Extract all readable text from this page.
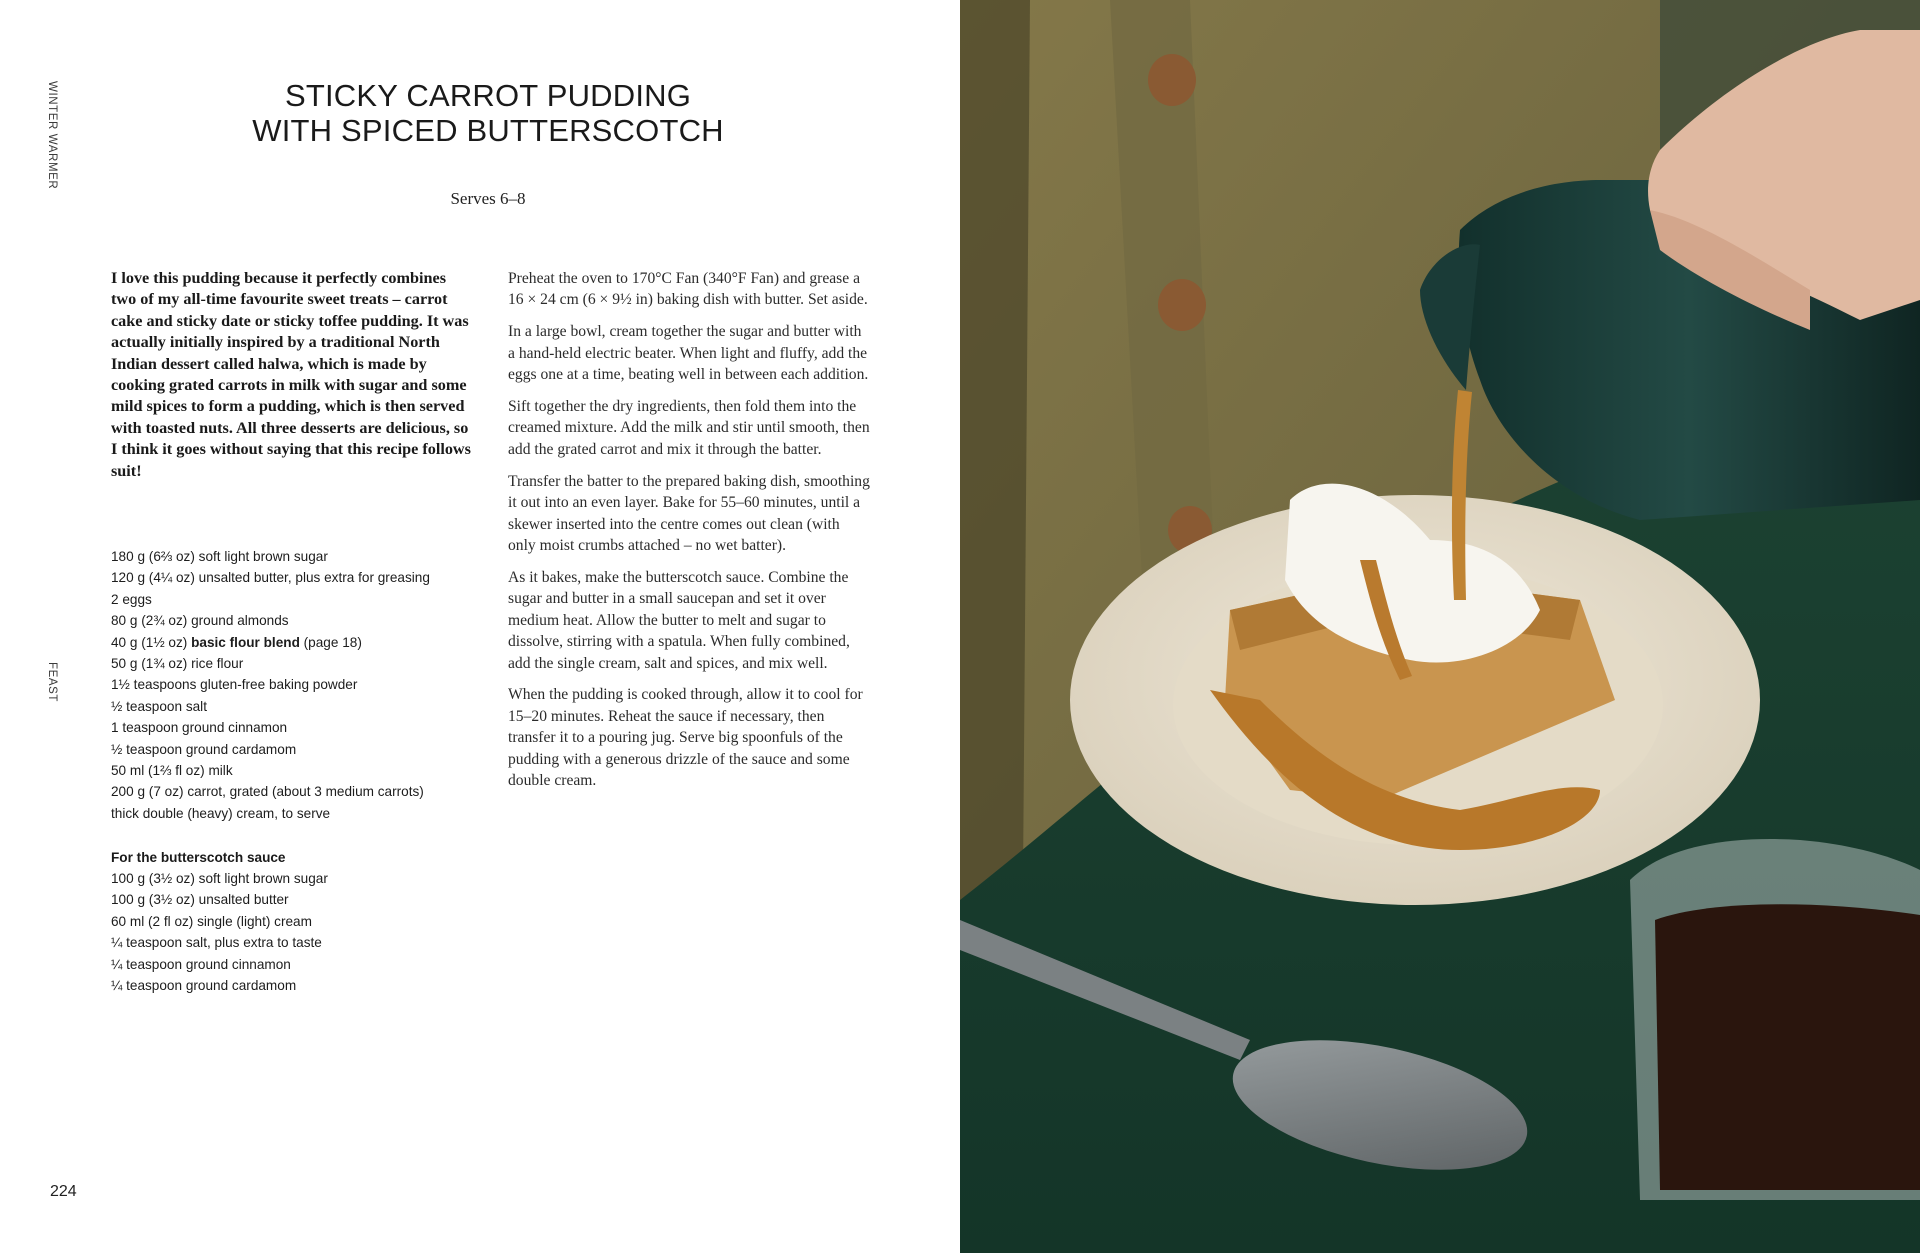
WINTER WARMER
FEAST
STICKY CARROT PUDDING
WITH SPICED BUTTERSCOTCH
Serves 6–8

I love this pudding because it perfectly combines two of my all-time favourite sweet treats – carrot cake and sticky date or sticky toffee pudding. It was actually initially inspired by a traditional North Indian dessert called halwa, which is made by cooking grated carrots in milk with sugar and some mild spices to form a pudding, which is then served with toasted nuts. All three desserts are delicious, so I think it goes without saying that this recipe follows suit!

180 g (6⅔ oz) soft light brown sugar
120 g (4¼ oz) unsalted butter, plus extra for greasing
2 eggs
80 g (2¾ oz) ground almonds
40 g (1½ oz) basic flour blend (page 18)
50 g (1¾ oz) rice flour
1½ teaspoons gluten-free baking powder
½ teaspoon salt
1 teaspoon ground cinnamon
½ teaspoon ground cardamom
50 ml (1⅔ fl oz) milk
200 g (7 oz) carrot, grated (about 3 medium carrots)
thick double (heavy) cream, to serve
For the butterscotch sauce
100 g (3½ oz) soft light brown sugar
100 g (3½ oz) unsalted butter
60 ml (2 fl oz) single (light) cream
¼ teaspoon salt, plus extra to taste
¼ teaspoon ground cinnamon
¼ teaspoon ground cardamom

Preheat the oven to 170°C Fan (340°F Fan) and grease a 16 × 24 cm (6 × 9½ in) baking dish with butter. Set aside.

In a large bowl, cream together the sugar and butter with a hand-held electric beater. When light and fluffy, add the eggs one at a time, beating well in between each addition.

Sift together the dry ingredients, then fold them into the creamed mixture. Add the milk and stir until smooth, then add the grated carrot and mix it through the batter.

Transfer the batter to the prepared baking dish, smoothing it out into an even layer. Bake for 55–60 minutes, until a skewer inserted into the centre comes out clean (with only moist crumbs attached – no wet batter).

As it bakes, make the butterscotch sauce. Combine the sugar and butter in a small saucepan and set it over medium heat. Allow the butter to melt and sugar to dissolve, stirring with a spatula. When fully combined, add the single cream, salt and spices, and mix well.

When the pudding is cooked through, allow it to cool for 15–20 minutes. Reheat the sauce if necessary, then transfer it to a pouring jug. Serve big spoonfuls of the pudding with a generous drizzle of the sauce and some double cream.

224
